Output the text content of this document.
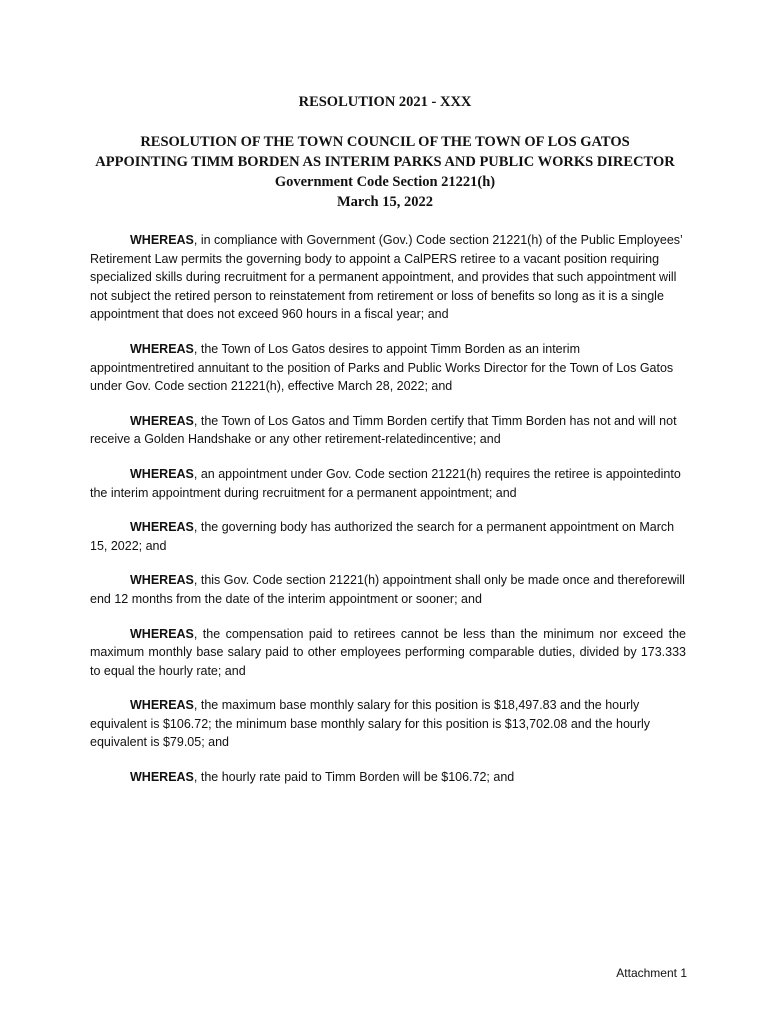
RESOLUTION 2021 - XXX
RESOLUTION OF THE TOWN COUNCIL OF THE TOWN OF LOS GATOS
APPOINTING TIMM BORDEN AS INTERIM PARKS AND PUBLIC WORKS DIRECTOR
Government Code Section 21221(h)
March 15, 2022

WHEREAS, in compliance with Government (Gov.) Code section 21221(h) of the Public Employees’ Retirement Law permits the governing body to appoint a CalPERS retiree to a vacant position requiring specialized skills during recruitment for a permanent appointment, and provides that such appointment will not subject the retired person to reinstatement from retirement or loss of benefits so long as it is a single appointment that does not exceed 960 hours in a fiscal year; and

WHEREAS, the Town of Los Gatos desires to appoint Timm Borden as an interim appointmentretired annuitant to the position of Parks and Public Works Director for the Town of Los Gatos under Gov. Code section 21221(h), effective March 28, 2022; and

WHEREAS, the Town of Los Gatos and Timm Borden certify that Timm Borden has not and will not receive a Golden Handshake or any other retirement-relatedincentive; and

WHEREAS, an appointment under Gov. Code section 21221(h) requires the retiree is appointedinto the interim appointment during recruitment for a permanent appointment; and

WHEREAS, the governing body has authorized the search for a permanent appointment on March 15, 2022; and

WHEREAS, this Gov. Code section 21221(h) appointment shall only be made once and thereforewill end 12 months from the date of the interim appointment or sooner; and

WHEREAS, the compensation paid to retirees cannot be less than the minimum nor exceed the maximum monthly base salary paid to other employees performing comparable duties, divided by 173.333 to equal the hourly rate; and

WHEREAS, the maximum base monthly salary for this position is $18,497.83 and the hourly equivalent is $106.72; the minimum base monthly salary for this position is $13,702.08 and the hourly equivalent is $79.05; and

WHEREAS, the hourly rate paid to Timm Borden will be $106.72; and

Attachment 1
